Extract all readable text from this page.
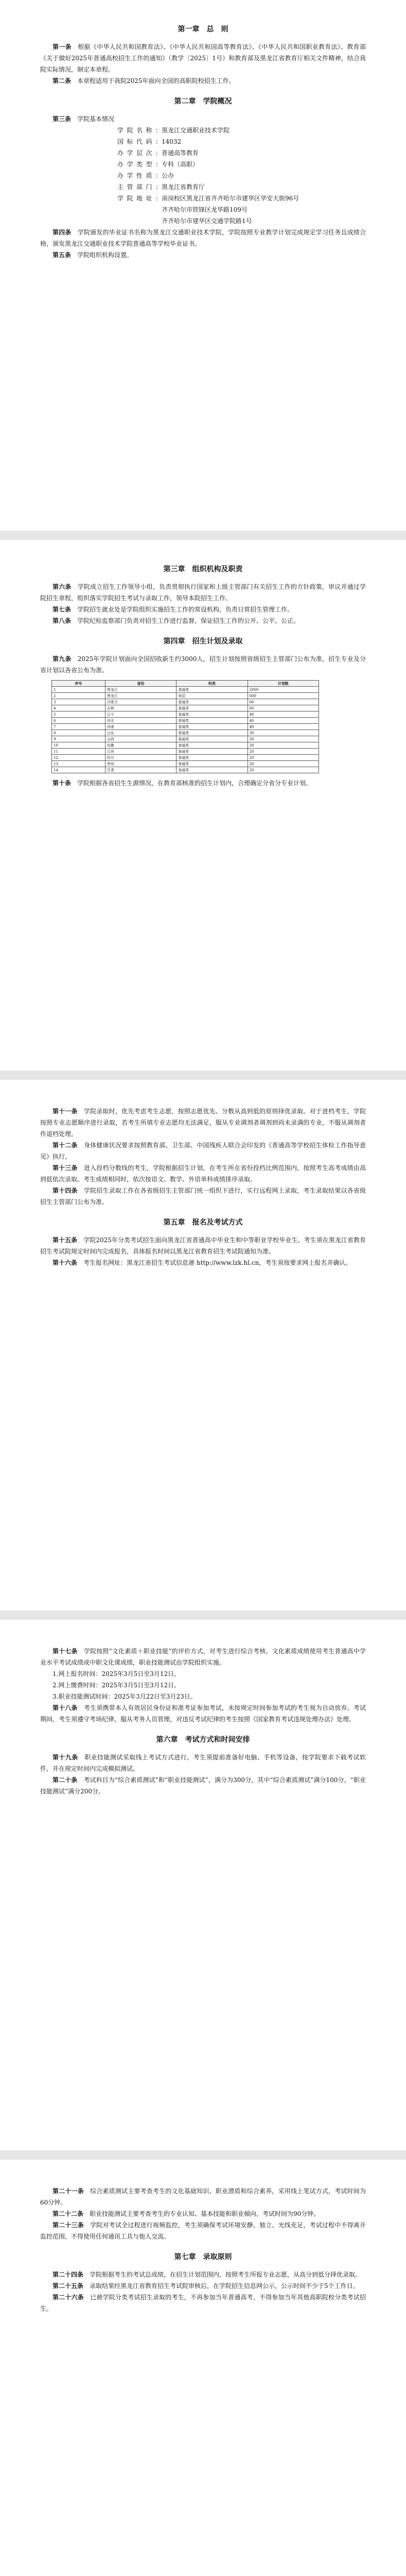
第一章　总　则

第一条　 根据《中华人民共和国教育法》、《中华人民共和国高等教育法》、《中华人民共和国职业教育法》、教育部《关于做好2025年普通高校招生工作的通知》（教学〔2025〕1号）和教育部及黑龙江省教育厅相关文件精神，结合我院实际情况，制定本章程。

第二条　 本章程适用于我院2025年面向全国的高职院校招生工作。

第二章　学院概况

第三条　 学院基本情况

学院名称：黑龙江交通职业技术学院

国标代码：14032

办学层次：普通高等教育

办学类型：专科（高职）

办学性质：公办

主管部门：黑龙江省教育厅

学院地址：南岗校区黑龙江省齐齐哈尔市建华区华安大街96号

齐齐哈尔市铁锋区龙华路109号

齐齐哈尔市建华区交通学院路1号

第四条　 学院颁发的毕业证书名称为黑龙江交通职业技术学院，学院按照专业教学计划完成规定学习任务且成绩合格，颁发黑龙江交通职业技术学院普通高等学校毕业证书。

第五条　 学院组织机构设置。

第三章　组织机构及职责

第六条　 学院成立招生工作领导小组，负责贯彻执行国家和上级主管部门有关招生工作的方针政策，审议并通过学院招生章程，组织落实学院招生考试与录取工作，领导本院招生工作。

第七条　 学院招生就业处是学院组织实施招生工作的常设机构，负责日常招生管理工作。

第八条　 学院纪检监察部门负责对招生工作进行监督，保证招生工作的公开、公平、公正。

第四章　招生计划及录取

第九条　 2025年学院计划面向全国招收新生约3000人，招生计划按照省级招生主管部门公布为准，招生专业及分省计划以各省公布为准。

序号	省份	科类	计划数
1	黑龙江	普通类	2000
2	黑龙江	单招	600
3	内蒙古	普通类	60
4	吉林	普通类	60
5	辽宁	普通类	40
6	河北	普通类	40
7	河南	普通类	40
8	山东	普通类	30
9	山西	普通类	30
10	安徽	普通类	20
11	江西	普通类	20
12	四川	普通类	20
13	贵州	普通类	20
14	甘肃	普通类	20

第十条　 学院根据各省招生生源情况，在教育部核准的招生计划内，合理确定分省分专业计划。

第十一条　 学院录取时，优先考虑考生志愿，按照志愿优先、分数从高到低的原则择优录取。对于进档考生，学院按照专业志愿顺序进行录取，若考生所填专业志愿均无法满足，服从专业调剂者调剂到尚未录满的专业，不服从调剂者作退档处理。

第十二条　 身体健康状况要求按照教育部、卫生部、中国残疾人联合会印发的《普通高等学校招生体检工作指导意见》执行。

第十三条　 进入投档分数线的考生，学院根据招生计划，在考生所在省份投档比例范围内，按照考生高考成绩由高到低依次录取。考生成绩相同时，依次按语文、数学、外语单科成绩排序录取。

第十四条　 学院招生录取工作在各省级招生主管部门统一组织下进行，实行远程网上录取，考生录取结果以各省级招生主管部门公布为准。

第五章　报名及考试方式

第十五条　 学院2025年分类考试招生面向黑龙江省普通高中毕业生和中等职业学校毕业生。考生须在黑龙江省教育招生考试院规定时间内完成报名，具体报名时间以黑龙江省教育招生考试院通知为准。

第十六条　 考生报名网址：黑龙江省招生考试信息港 http://www.lzk.hl.cn，考生须按要求网上报名并确认。

第十七条　 学院按照“文化素质＋职业技能”的评价方式，对考生进行综合考核。文化素质成绩使用考生普通高中学业水平考试成绩或中职文化课成绩，职业技能测试由学院组织实施。

1.网上报名时间：2025年3月5日至3月12日。

2.网上缴费时间：2025年3月5日至3月12日。

3.职业技能测试时间：2025年3月22日至3月23日。

第十八条　 考生须携带本人有效居民身份证和准考证参加考试，未按规定时间参加考试的考生视为自动放弃。考试期间，考生须遵守考场纪律，服从考务人员管理，对违反考试纪律的考生按照《国家教育考试违规处理办法》处理。

第六章　考试方式和时间安排

第十九条　 职业技能测试采取线上考试方式进行。考生须提前准备好电脑、手机等设备，按学院要求下载考试软件，并在规定时间内完成模拟测试。

第二十条　 考试科目为“综合素质测试”和“职业技能测试”，满分为300分，其中“综合素质测试”满分100分，“职业技能测试”满分200分。

第二十一条　 综合素质测试主要考查考生的文化基础知识、职业潜质和综合素养，采用线上笔试方式，考试时间为60分钟。

第二十二条　 职业技能测试主要考查考生的专业认知、基本技能和职业倾向，考试时间为90分钟。

第二十三条　 学院对考试全过程进行视频监控，考生须确保考试环境安静、独立、光线充足，考试过程中不得离开监控范围，不得使用任何通讯工具与他人交流。

第七章　录取原则

第二十四条　 学院根据考生的考试总成绩，在招生计划范围内，按照考生所报专业志愿，从高分到低分择优录取。

第二十五条　 录取结果经黑龙江省教育招生考试院审核后，在学院招生信息网公示，公示时间不少于5个工作日。

第二十六条　 已被学院分类考试招生录取的考生，不再参加当年普通高考，不得参加当年其他高职院校分类考试招生。
